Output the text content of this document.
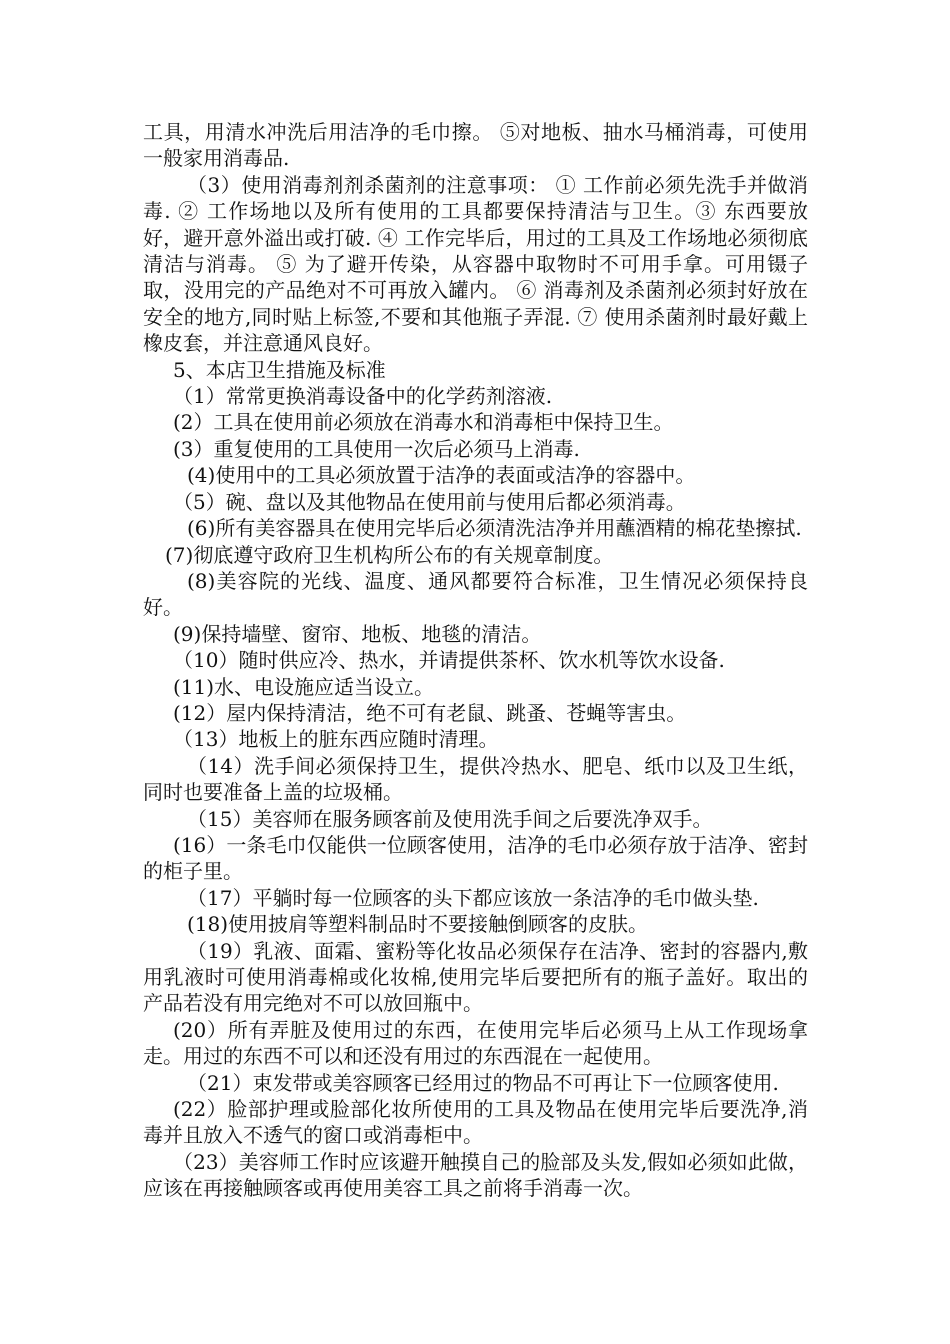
工具，用清水冲洗后用洁净的毛巾擦。 ⑤对地板、抽水马桶消毒，可使用一般家用消毒品.

（3）使用消毒剂剂杀菌剂的注意事项： ① 工作前必须先洗手并做消毒. ② 工作场地以及所有使用的工具都要保持清洁与卫生。③ 东西要放好，避开意外溢出或打破. ④ 工作完毕后，用过的工具及工作场地必须彻底清洁与消毒。 ⑤ 为了避开传染，从容器中取物时不可用手拿。可用镊子取，没用完的产品绝对不可再放入罐内。 ⑥ 消毒剂及杀菌剂必须封好放在安全的地方,同时贴上标签,不要和其他瓶子弄混. ⑦ 使用杀菌剂时最好戴上橡皮套，并注意通风良好。

5、本店卫生措施及标准

（1）常常更换消毒设备中的化学药剂溶液.

(2）工具在使用前必须放在消毒水和消毒柜中保持卫生。

(3）重复使用的工具使用一次后必须马上消毒.

(4)使用中的工具必须放置于洁净的表面或洁净的容器中。

（5）碗、盘以及其他物品在使用前与使用后都必须消毒。

(6)所有美容器具在使用完毕后必须清洗洁净并用蘸酒精的棉花垫擦拭.

(7)彻底遵守政府卫生机构所公布的有关规章制度。

(8)美容院的光线、温度、通风都要符合标准，卫生情况必须保持良好。

(9)保持墙壁、窗帘、地板、地毯的清洁。

（10）随时供应冷、热水，并请提供茶杯、饮水机等饮水设备.

(11)水、电设施应适当设立。

(12）屋内保持清洁，绝不可有老鼠、跳蚤、苍蝇等害虫。

（13）地板上的脏东西应随时清理。

（14）洗手间必须保持卫生，提供冷热水、肥皂、纸巾以及卫生纸，同时也要准备上盖的垃圾桶。

（15）美容师在服务顾客前及使用洗手间之后要洗净双手。

(16）一条毛巾仅能供一位顾客使用，洁净的毛巾必须存放于洁净、密封的柜子里。

（17）平躺时每一位顾客的头下都应该放一条洁净的毛巾做头垫.

(18)使用披肩等塑料制品时不要接触倒顾客的皮肤。

（19）乳液、面霜、蜜粉等化妆品必须保存在洁净、密封的容器内,敷用乳液时可使用消毒棉或化妆棉,使用完毕后要把所有的瓶子盖好。取出的产品若没有用完绝对不可以放回瓶中。

(20）所有弄脏及使用过的东西，在使用完毕后必须马上从工作现场拿走。用过的东西不可以和还没有用过的东西混在一起使用。

（21）束发带或美容顾客已经用过的物品不可再让下一位顾客使用.

(22）脸部护理或脸部化妆所使用的工具及物品在使用完毕后要洗净,消毒并且放入不透气的窗口或消毒柜中。

（23）美容师工作时应该避开触摸自己的脸部及头发,假如必须如此做，应该在再接触顾客或再使用美容工具之前将手消毒一次。
